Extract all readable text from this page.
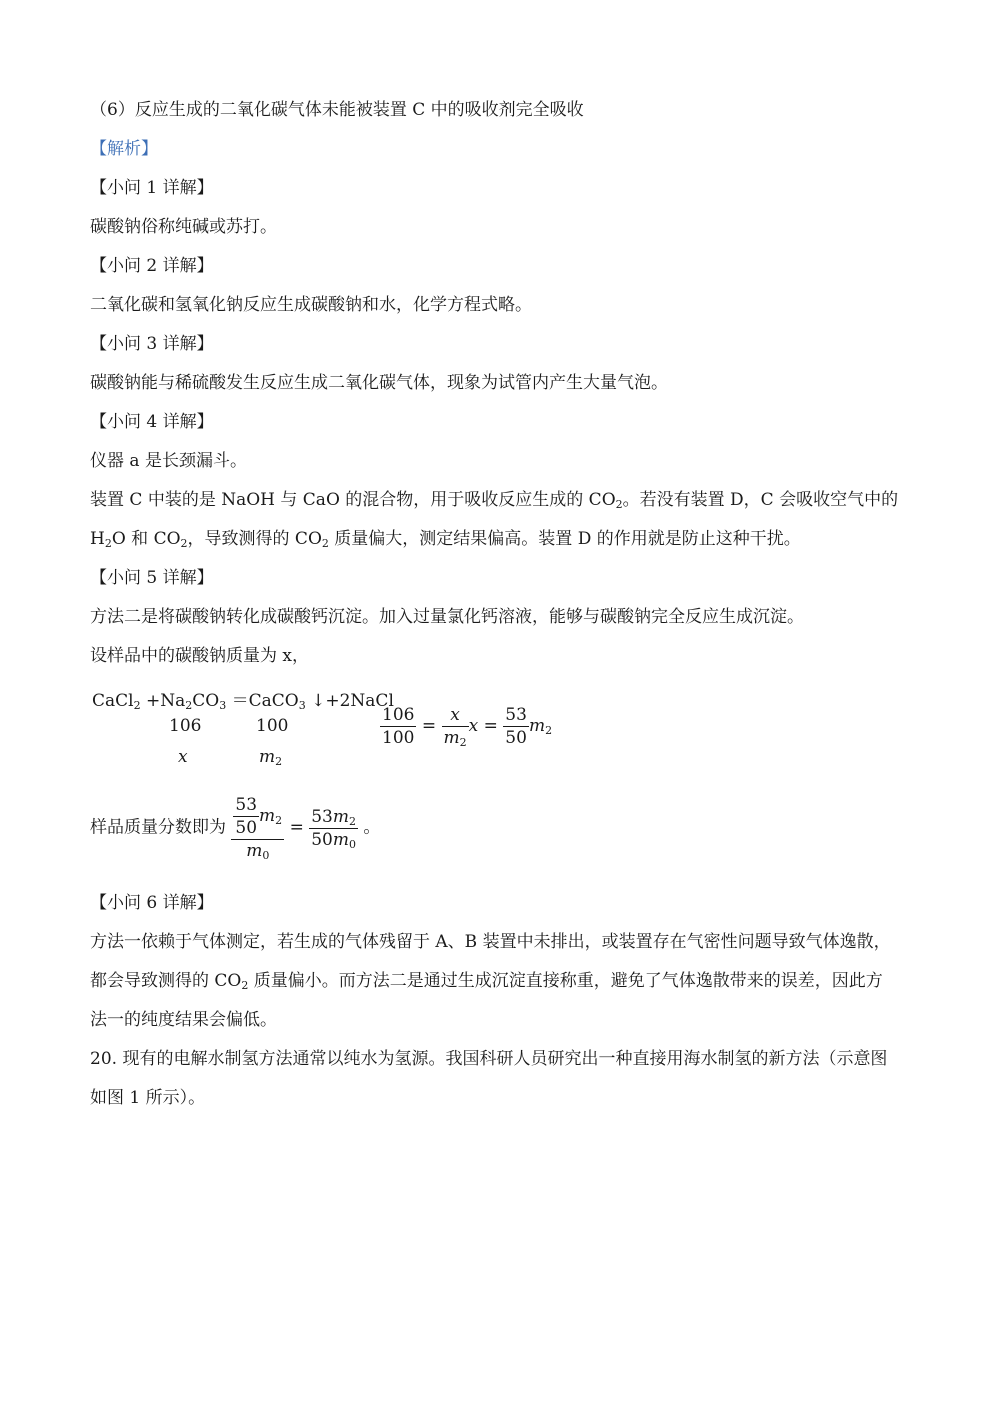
（6）反应生成的二氧化碳气体未能被装置 C 中的吸收剂完全吸收
【解析】
【小问 1 详解】
碳酸钠俗称纯碱或苏打。
【小问 2 详解】
二氧化碳和氢氧化钠反应生成碳酸钠和水，化学方程式略。
【小问 3 详解】
碳酸钠能与稀硫酸发生反应生成二氧化碳气体，现象为试管内产生大量气泡。
【小问 4 详解】
仪器 a 是长颈漏斗。
装置 C 中装的是 NaOH 与 CaO 的混合物，用于吸收反应生成的 $CO_2$。若没有装置 D，C 会吸收空气中的
$H_2O$ 和 $CO_2$，导致测得的 $CO_2$ 质量偏大，测定结果偏高。装置 D 的作用就是防止这种干扰。
【小问 5 详解】
方法二是将碳酸钠转化成碳酸钙沉淀。加入过量氯化钙溶液，能够与碳酸钠完全反应生成沉淀。
设样品中的碳酸钠质量为 x，
CaCl$_2$ $+Na_2CO_3$ ＝CaCO$_3$ ↓+2NaCl
106	100
x	$m_2$
$\frac{106}{100} = \frac{x}{m_2}$ $x = \frac{53}{50} m_2$
样品质量分数即为 $\frac{\frac{53}{50} m_2}{m_0} = \frac{53m_2}{50m_0}$ 。
【小问 6 详解】
方法一依赖于气体测定，若生成的气体残留于 A、B 装置中未排出，或装置存在气密性问题导致气体逸散，
都会导致测得的 $CO_2$ 质量偏小。而方法二是通过生成沉淀直接称重，避免了气体逸散带来的误差，因此方
法一的纯度结果会偏低。
20. 现有的电解水制氢方法通常以纯水为氢源。我国科研人员研究出一种直接用海水制氢的新方法（示意图
如图 1 所示）。
